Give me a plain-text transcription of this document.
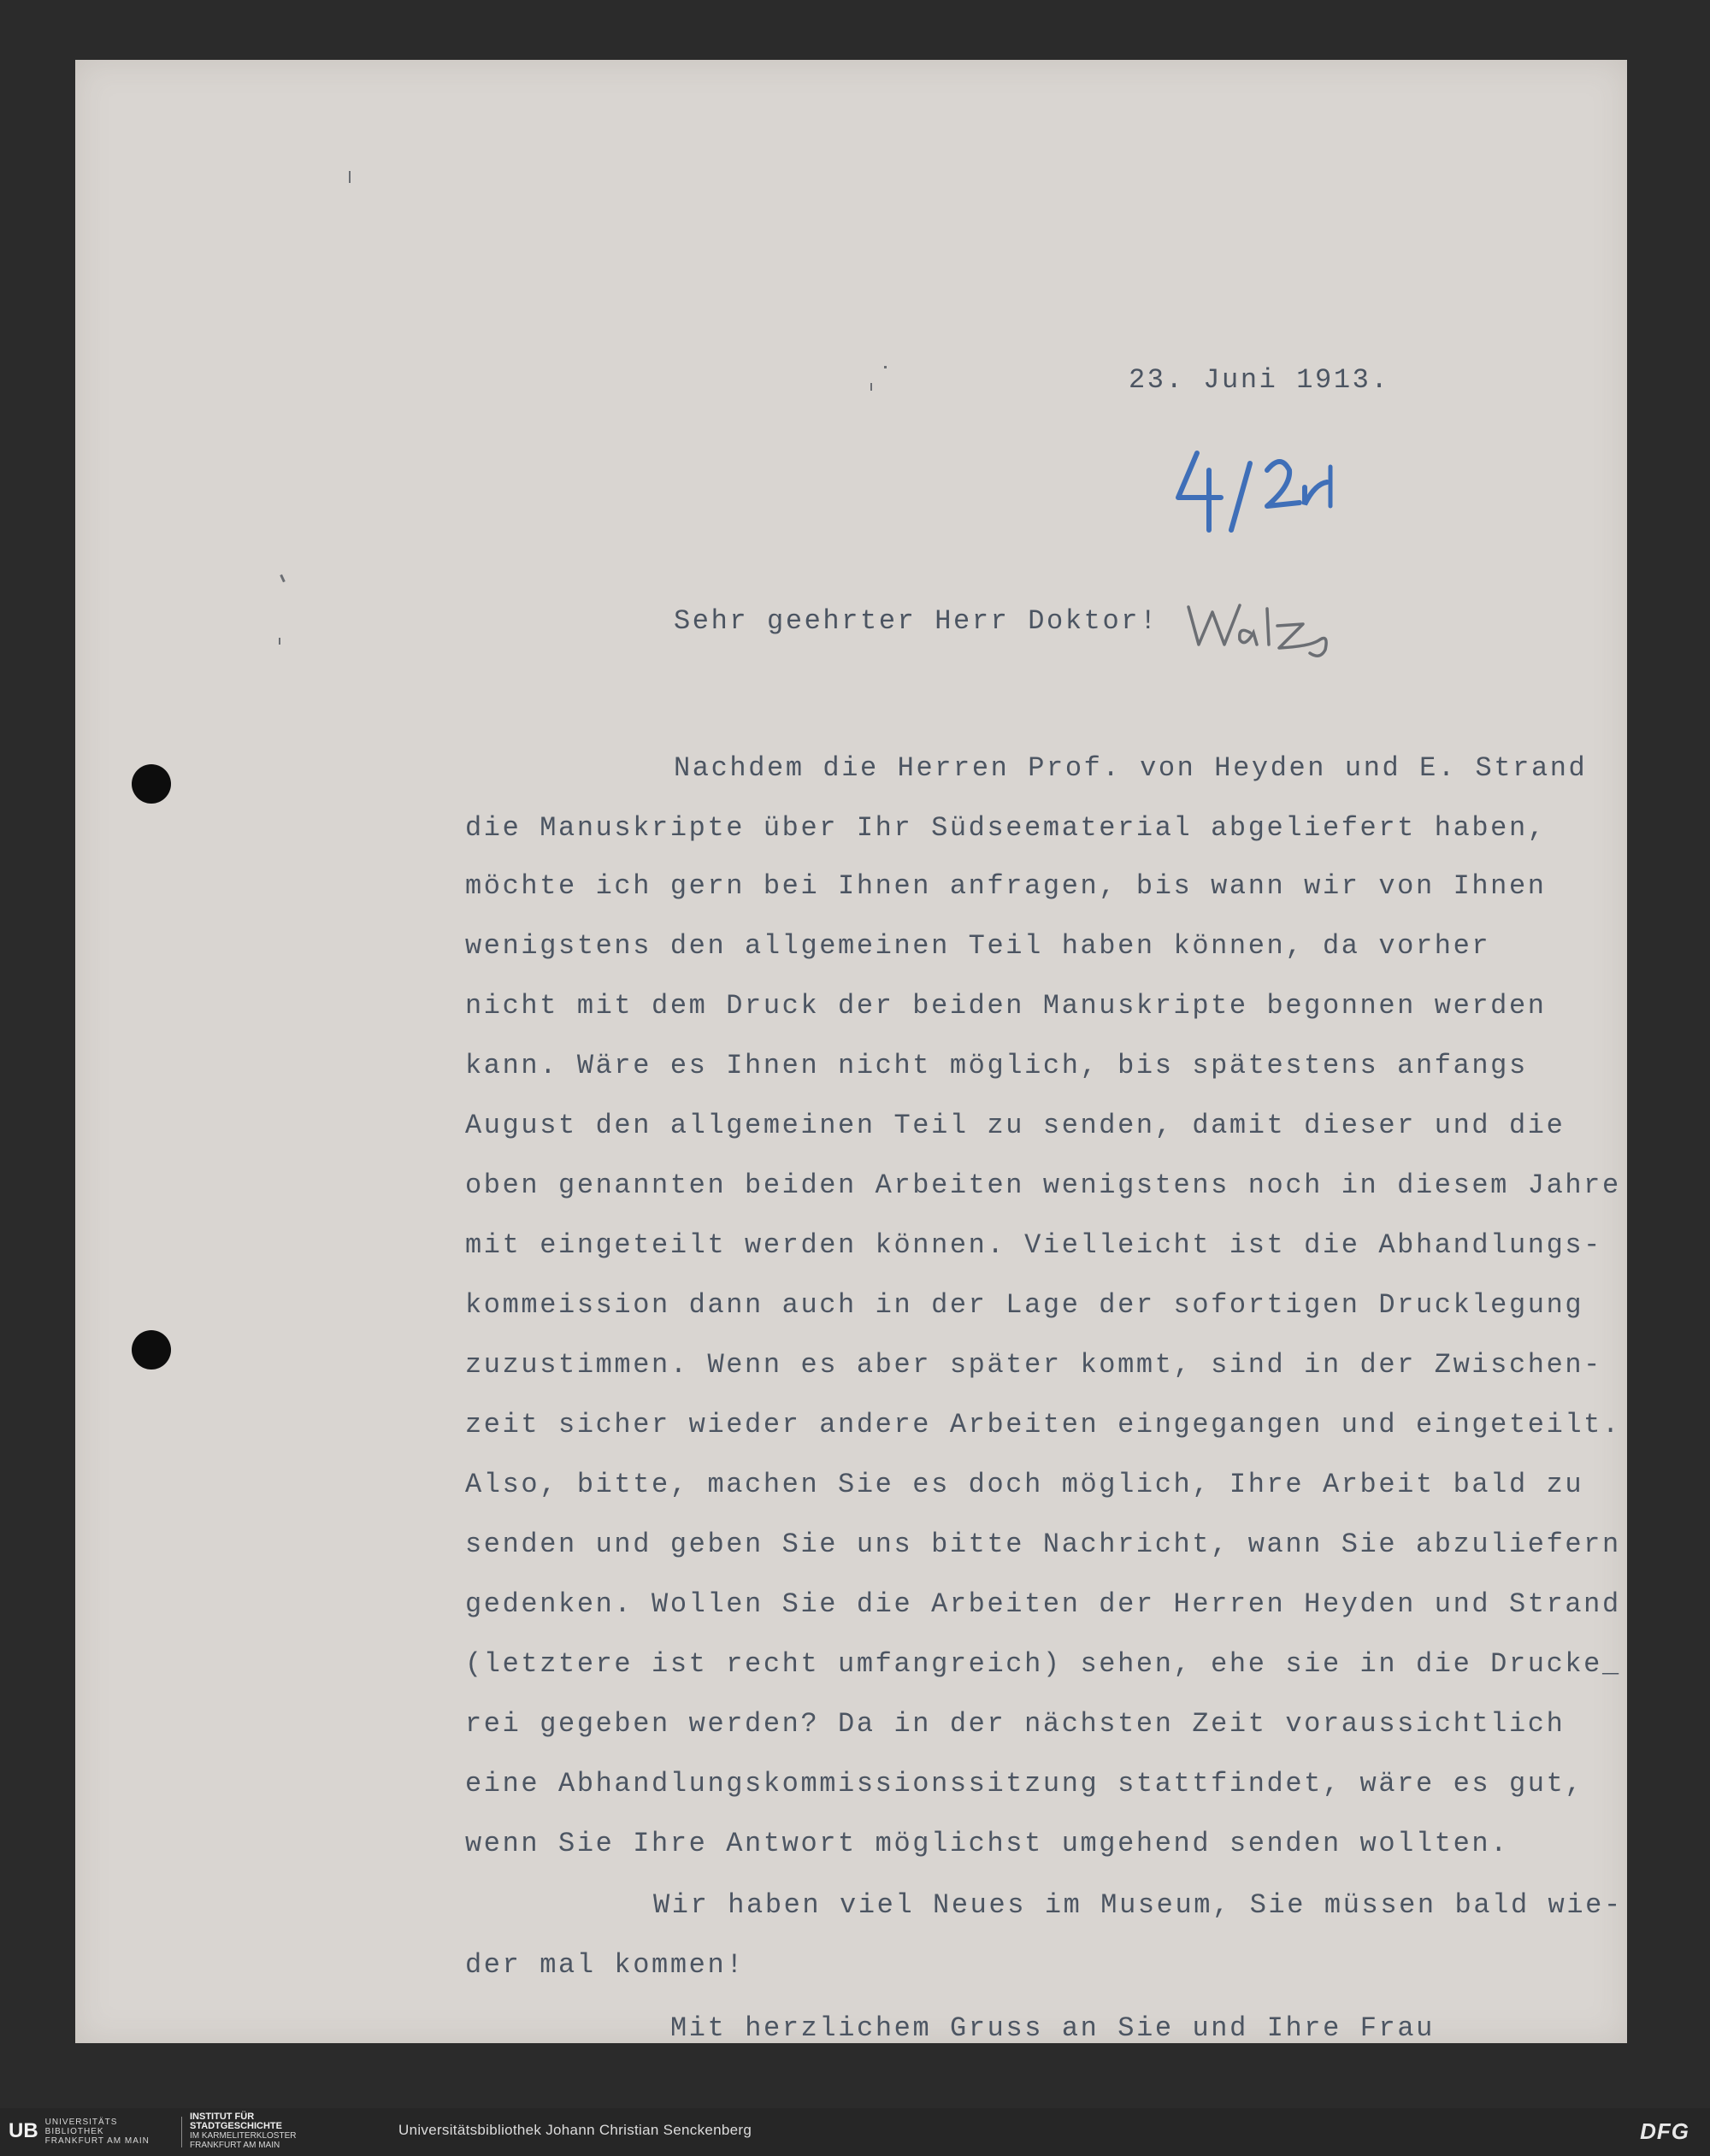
23. Juni 1913.

Sehr geehrter Herr Doktor!

Nachdem die Herren Prof. von Heyden und E. Strand

die Manuskripte über Ihr Südseematerial abgeliefert haben,

möchte ich gern bei Ihnen anfragen, bis wann wir von Ihnen

wenigstens den allgemeinen Teil haben können, da vorher

nicht mit dem Druck der beiden Manuskripte begonnen werden

kann. Wäre es Ihnen nicht möglich, bis spätestens anfangs

August den allgemeinen Teil zu senden, damit dieser und die

oben genannten beiden Arbeiten wenigstens noch in diesem Jahre

mit eingeteilt werden können. Vielleicht ist die Abhandlungs-

kommeission dann auch in der Lage der sofortigen Drucklegung

zuzustimmen. Wenn es aber später kommt, sind in der Zwischen-

zeit sicher wieder andere Arbeiten eingegangen und eingeteilt.

Also, bitte, machen Sie es doch möglich, Ihre Arbeit bald zu

senden und geben Sie uns bitte Nachricht, wann Sie abzuliefern

gedenken. Wollen Sie die Arbeiten der Herren Heyden und Strand

(letztere ist recht umfangreich) sehen, ehe sie in die Drucke_

rei gegeben werden? Da in der nächsten Zeit voraussichtlich

eine Abhandlungskommissionssitzung stattfindet, wäre es gut,

wenn Sie Ihre Antwort möglichst umgehend senden wollten.

Wir haben viel Neues im Museum, Sie müssen bald wie-

der mal kommen!

Mit herzlichem Gruss an Sie und Ihre Frau

UB UNIVERSITÄTS
BIBLIOTHEK
FRANKFURT AM MAIN
INSTITUT FÜR
STADTGESCHICHTE
IM KARMELITERKLOSTER
FRANKFURT AM MAIN
Universitätsbibliothek Johann Christian Senckenberg	DFG
